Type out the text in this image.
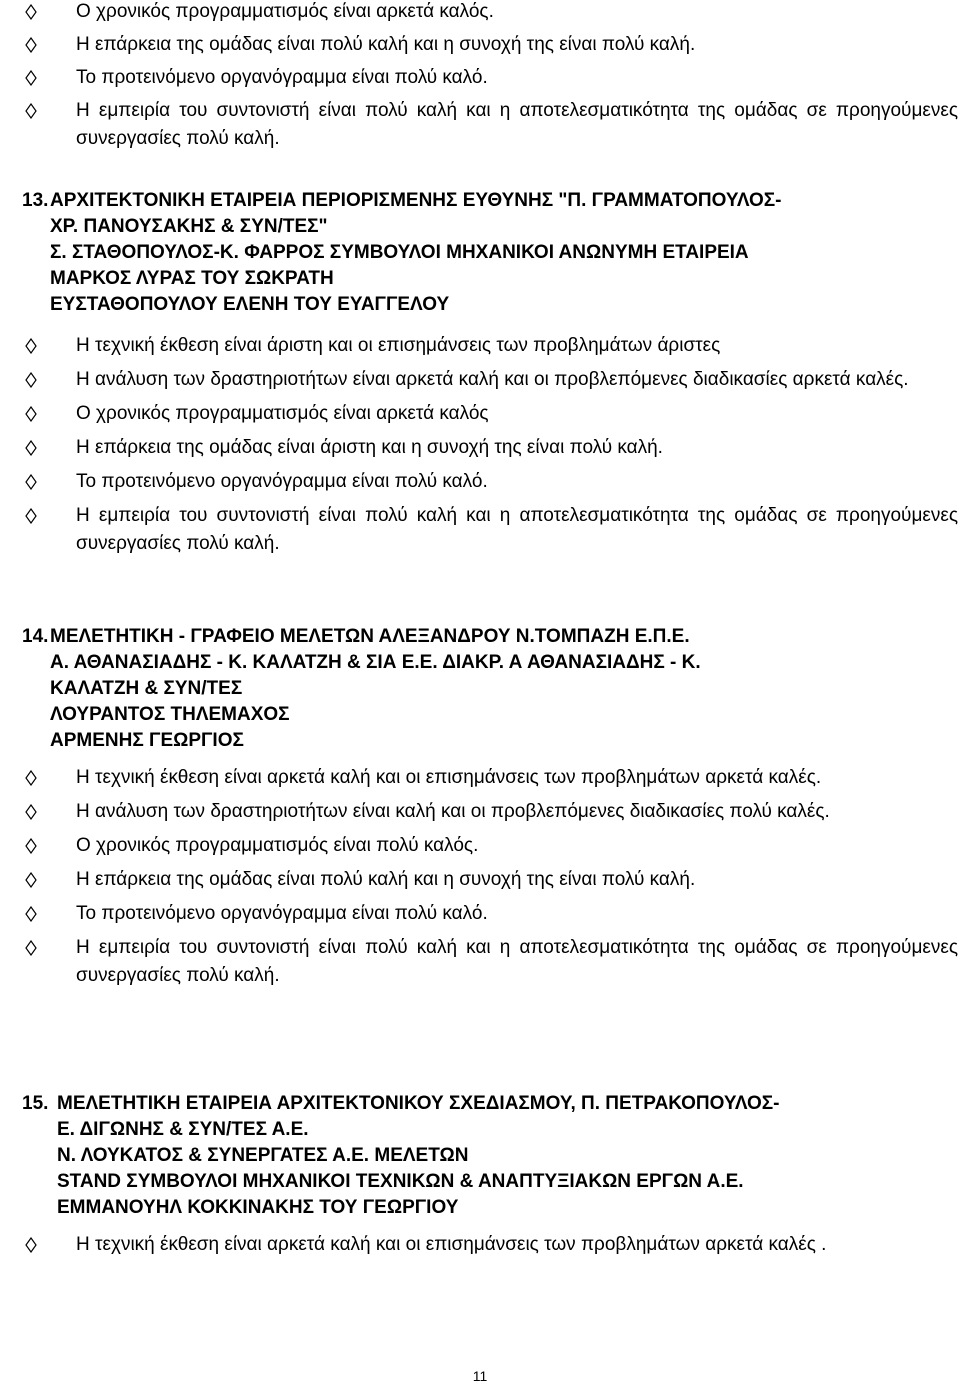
Ο χρονικός προγραμματισμός είναι αρκετά καλός.
Η επάρκεια της ομάδας είναι πολύ καλή και η συνοχή της είναι πολύ καλή.
Το προτεινόμενο οργανόγραμμα είναι πολύ καλό.
Η εμπειρία του συντονιστή είναι πολύ καλή και η αποτελεσματικότητα της ομάδας σε προηγούμενες συνεργασίες πολύ καλή.
13. ΑΡΧΙΤΕΚΤΟΝΙΚΗ ΕΤΑΙΡΕΙΑ ΠΕΡΙΟΡΙΣΜΕΝΗΣ ΕΥΘΥΝΗΣ "Π. ΓΡΑΜΜΑΤΟΠΟΥΛΟΣ-
ΧΡ. ΠΑΝΟΥΣΑΚΗΣ & ΣΥΝ/ΤΕΣ"
Σ. ΣΤΑΘΟΠΟΥΛΟΣ-Κ. ΦΑΡΡΟΣ ΣΥΜΒΟΥΛΟΙ ΜΗΧΑΝΙΚΟΙ ΑΝΩΝΥΜΗ ΕΤΑΙΡΕΙΑ
ΜΑΡΚΟΣ ΛΥΡΑΣ ΤΟΥ ΣΩΚΡΑΤΗ
ΕΥΣΤΑΘΟΠΟΥΛΟΥ ΕΛΕΝΗ ΤΟΥ ΕΥΑΓΓΕΛΟΥ
Η τεχνική έκθεση είναι άριστη και οι επισημάνσεις των προβλημάτων άριστες
Η ανάλυση των δραστηριοτήτων είναι αρκετά καλή και οι προβλεπόμενες διαδικασίες αρκετά καλές.
Ο χρονικός προγραμματισμός είναι αρκετά καλός
Η επάρκεια της ομάδας είναι άριστη και η συνοχή της είναι πολύ καλή.
Το προτεινόμενο οργανόγραμμα είναι πολύ καλό.
Η εμπειρία του συντονιστή είναι πολύ καλή και η αποτελεσματικότητα της ομάδας σε προηγούμενες συνεργασίες πολύ καλή.
14. ΜΕΛΕΤΗΤΙΚΗ - ΓΡΑΦΕΙΟ ΜΕΛΕΤΩΝ ΑΛΕΞΑΝΔΡΟΥ Ν.ΤΟΜΠΑΖΗ Ε.Π.Ε.
Α. ΑΘΑΝΑΣΙΑΔΗΣ - Κ. ΚΑΛΑΤΖΗ & ΣΙΑ Ε.Ε. ΔΙΑΚΡ. Α ΑΘΑΝΑΣΙΑΔΗΣ - Κ.
ΚΑΛΑΤΖΗ & ΣΥΝ/ΤΕΣ
ΛΟΥΡΑΝΤΟΣ ΤΗΛΕΜΑΧΟΣ
ΑΡΜΕΝΗΣ ΓΕΩΡΓΙΟΣ
Η τεχνική έκθεση είναι αρκετά καλή και οι επισημάνσεις των προβλημάτων αρκετά καλές.
Η ανάλυση των δραστηριοτήτων είναι καλή και οι προβλεπόμενες διαδικασίες πολύ καλές.
Ο χρονικός προγραμματισμός είναι πολύ καλός.
Η επάρκεια της ομάδας είναι πολύ καλή και η συνοχή της είναι πολύ καλή.
Το προτεινόμενο οργανόγραμμα είναι πολύ καλό.
Η εμπειρία του συντονιστή είναι πολύ καλή και η αποτελεσματικότητα της ομάδας σε προηγούμενες συνεργασίες πολύ καλή.
15. ΜΕΛΕΤΗΤΙΚΗ ΕΤΑΙΡΕΙΑ ΑΡΧΙΤΕΚΤΟΝΙΚΟΥ ΣΧΕΔΙΑΣΜΟΥ, Π. ΠΕΤΡΑΚΟΠΟΥΛΟΣ-
Ε. ΔΙΓΩΝΗΣ & ΣΥΝ/ΤΕΣ Α.Ε.
Ν. ΛΟΥΚΑΤΟΣ & ΣΥΝΕΡΓΑΤΕΣ Α.Ε. ΜΕΛΕΤΩΝ
STAND ΣΥΜΒΟΥΛΟΙ ΜΗΧΑΝΙΚΟΙ ΤΕΧΝΙΚΩΝ & ΑΝΑΠΤΥΞΙΑΚΩΝ ΕΡΓΩΝ Α.Ε.
ΕΜΜΑΝΟΥΗΛ ΚΟΚΚΙΝΑΚΗΣ ΤΟΥ ΓΕΩΡΓΙΟΥ
Η τεχνική έκθεση είναι αρκετά καλή και οι επισημάνσεις των προβλημάτων αρκετά καλές .
11
